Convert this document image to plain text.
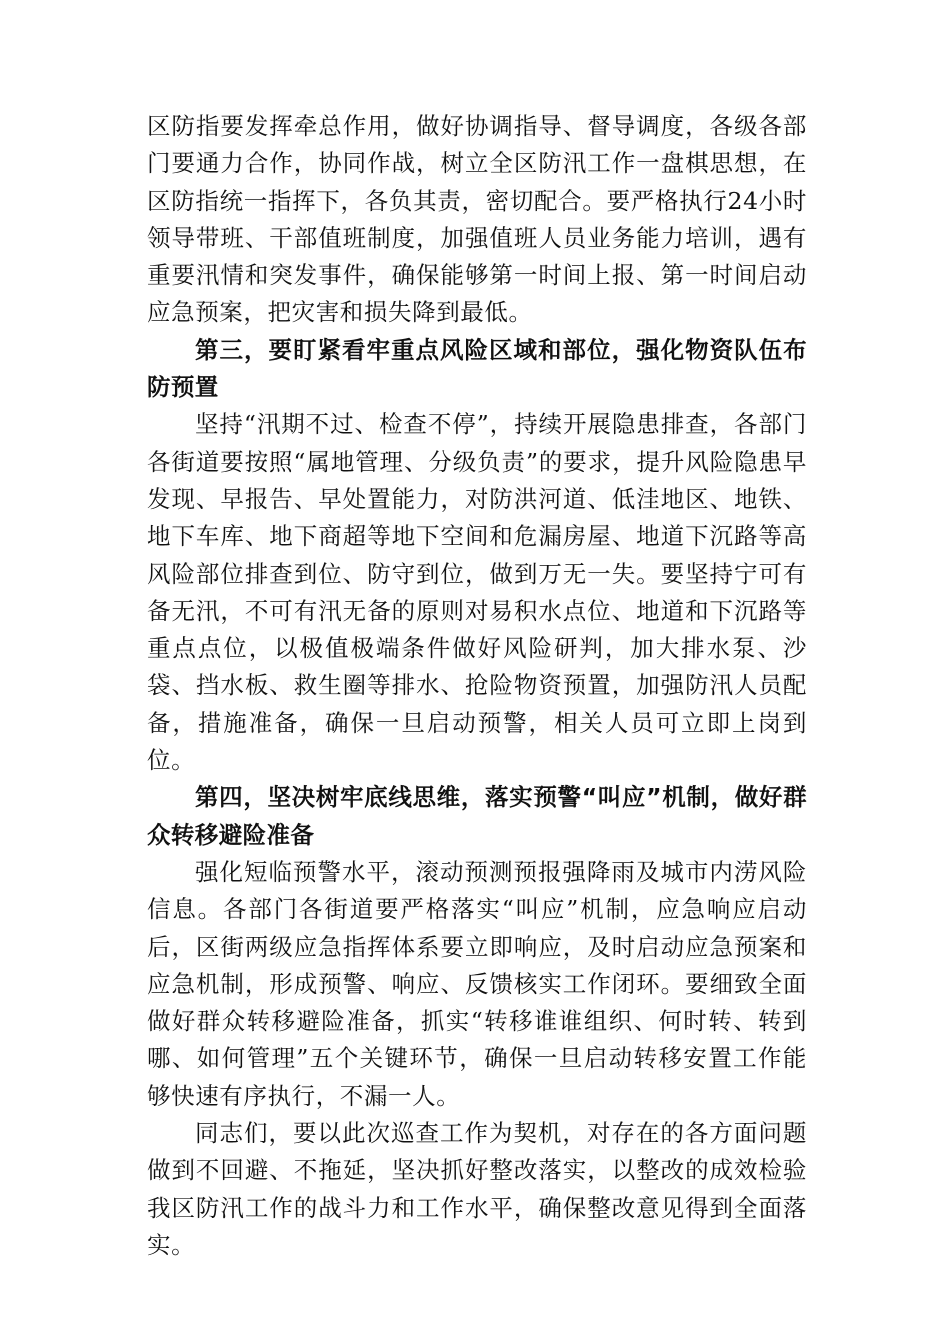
区防指要发挥牵总作用，做好协调指导、督导调度，各级各部门要通力合作，协同作战，树立全区防汛工作一盘棋思想，在区防指统一指挥下，各负其责，密切配合。要严格执行24小时领导带班、干部值班制度，加强值班人员业务能力培训，遇有重要汛情和突发事件，确保能够第一时间上报、第一时间启动应急预案，把灾害和损失降到最低。

第三，要盯紧看牢重点风险区域和部位，强化物资队伍布防预置

坚持“汛期不过、检查不停”，持续开展隐患排查，各部门各街道要按照“属地管理、分级负责”的要求，提升风险隐患早发现、早报告、早处置能力，对防洪河道、低洼地区、地铁、地下车库、地下商超等地下空间和危漏房屋、地道下沉路等高风险部位排查到位、防守到位，做到万无一失。要坚持宁可有备无汛，不可有汛无备的原则对易积水点位、地道和下沉路等重点点位，以极值极端条件做好风险研判，加大排水泵、沙袋、挡水板、救生圈等排水、抢险物资预置，加强防汛人员配备，措施准备，确保一旦启动预警，相关人员可立即上岗到位。

第四，坚决树牢底线思维，落实预警“叫应”机制，做好群众转移避险准备

强化短临预警水平，滚动预测预报强降雨及城市内涝风险信息。各部门各街道要严格落实“叫应”机制，应急响应启动后，区街两级应急指挥体系要立即响应，及时启动应急预案和应急机制，形成预警、响应、反馈核实工作闭环。要细致全面做好群众转移避险准备，抓实“转移谁谁组织、何时转、转到哪、如何管理”五个关键环节，确保一旦启动转移安置工作能够快速有序执行，不漏一人。

同志们，要以此次巡查工作为契机，对存在的各方面问题做到不回避、不拖延，坚决抓好整改落实，以整改的成效检验我区防汛工作的战斗力和工作水平，确保整改意见得到全面落实。
